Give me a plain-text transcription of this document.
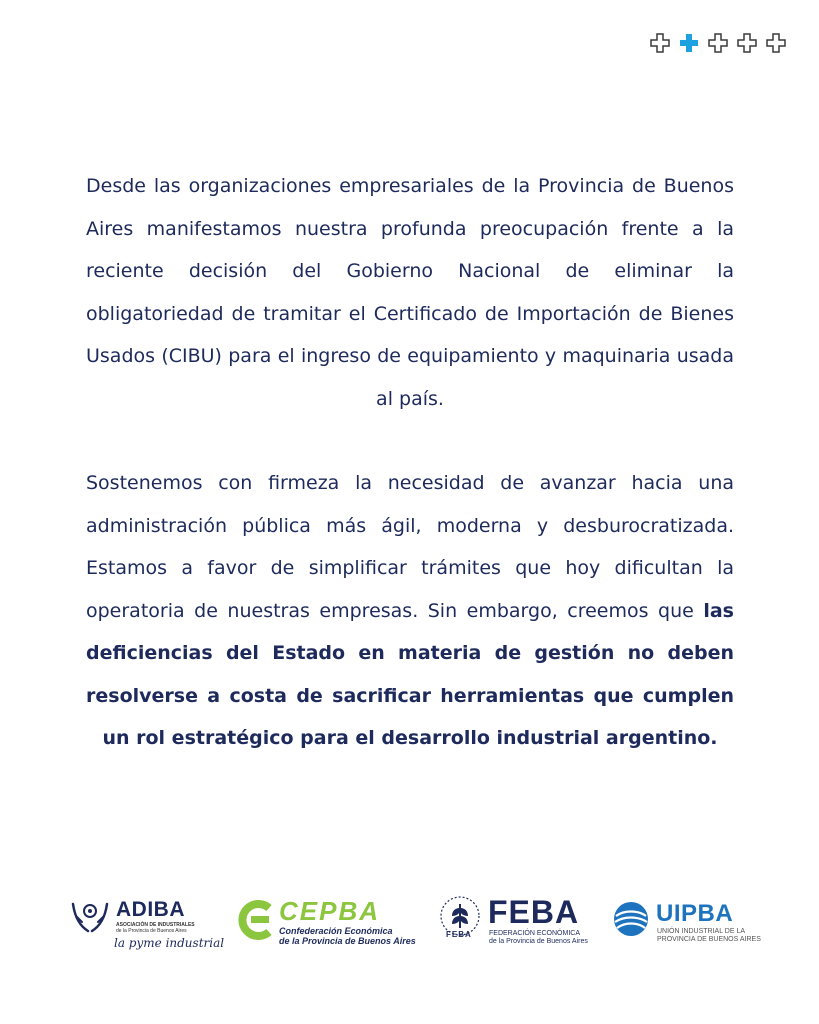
Desde las organizaciones empresariales de la Provincia de Buenos Aires manifestamos nuestra profunda preocupación frente a la reciente decisión del Gobierno Nacional de eliminar la obligatoriedad de tramitar el Certificado de Importación de Bienes Usados (CIBU) para el ingreso de equipamiento y maquinaria usada al país.

Sostenemos con firmeza la necesidad de avanzar hacia una administración pública más ágil, moderna y desburocratizada. Estamos a favor de simplificar trámites que hoy dificultan la operatoria de nuestras empresas. Sin embargo, creemos que las deficiencias del Estado en materia de gestión no deben resolverse a costa de sacrificar herramientas que cumplen un rol estratégico para el desarrollo industrial argentino.

ADIBA
ASOCIACIÓN DE INDUSTRIALES
de la Provincia de Buenos Aires
la pyme industrial
CEPBA
Confederación Económica
de la Provincia de Buenos Aires
FEBA
FEBA
FEDERACIÓN ECONÓMICA
de la Provincia de Buenos Aires
UIPBA
UNIÓN INDUSTRIAL DE LA
PROVINCIA DE BUENOS AIRES
